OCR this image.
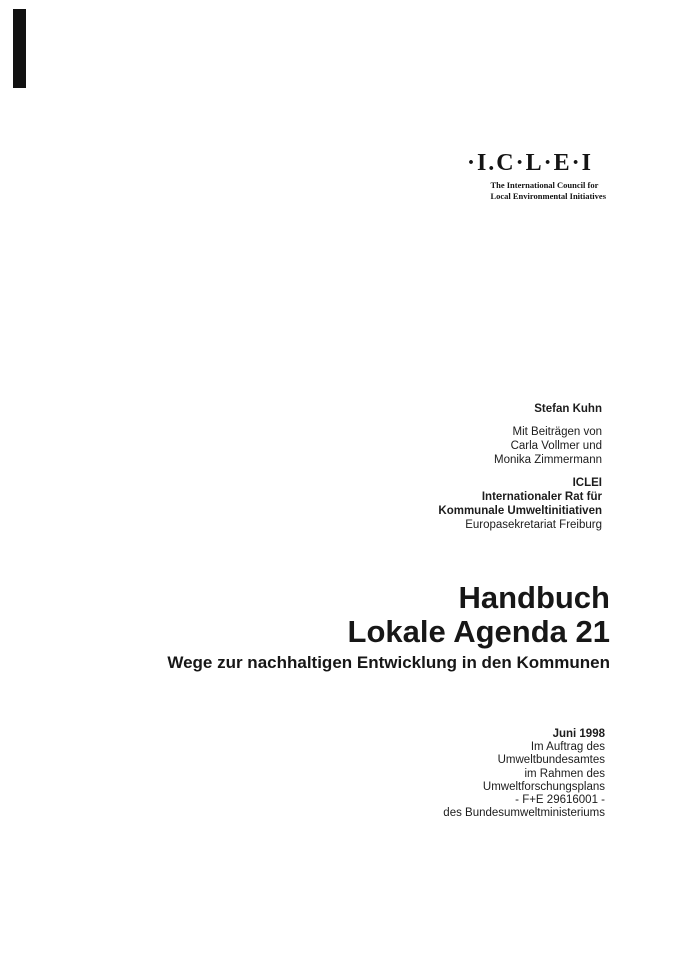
·I.C·L·E·I
The International Council for
Local Environmental Initiatives
Stefan Kuhn
Mit Beiträgen von
Carla Vollmer und
Monika Zimmermann
ICLEI
Internationaler Rat für
Kommunale Umweltinitiativen
Europasekretariat Freiburg
Handbuch
Lokale Agenda 21

Wege zur nachhaltigen Entwicklung in den Kommunen

Juni 1998
Im Auftrag des
Umweltbundesamtes
im Rahmen des
Umweltforschungsplans
- F+E 29616001 -
des Bundesumweltministeriums
